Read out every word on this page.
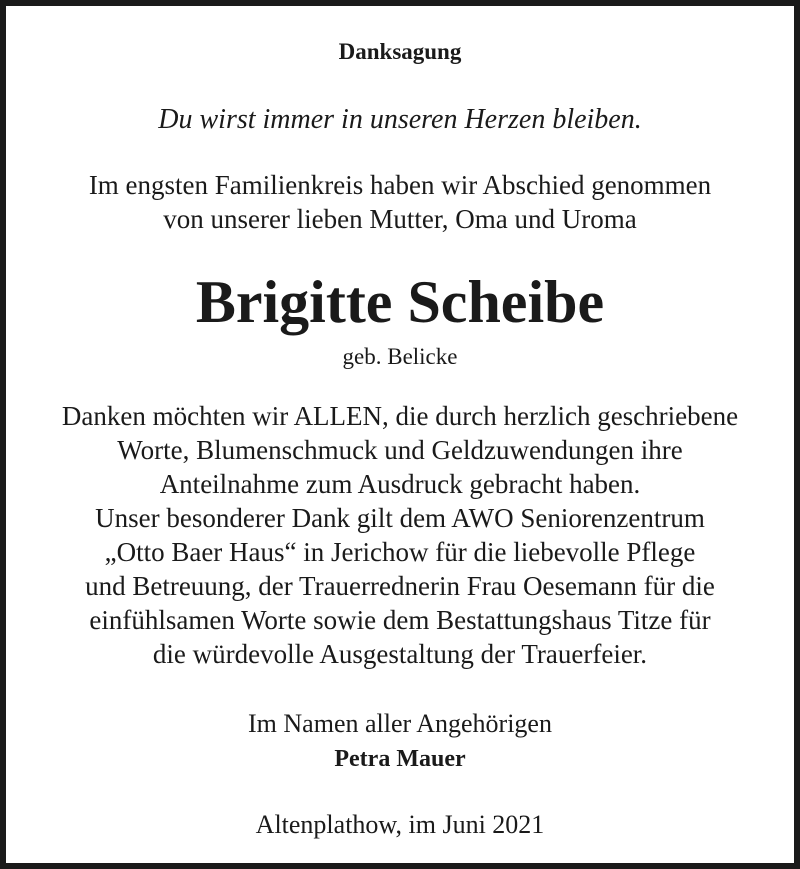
Danksagung
Du wirst immer in unseren Herzen bleiben.
Im engsten Familienkreis haben wir Abschied genommen
von unserer lieben Mutter, Oma und Uroma
Brigitte Scheibe
geb. Belicke
Danken möchten wir ALLEN, die durch herzlich geschriebene
Worte, Blumenschmuck und Geldzuwendungen ihre
Anteilnahme zum Ausdruck gebracht haben.
Unser besonderer Dank gilt dem AWO Seniorenzentrum
„Otto Baer Haus“ in Jerichow für die liebevolle Pflege
und Betreuung, der Trauerrednerin Frau Oesemann für die
einfühlsamen Worte sowie dem Bestattungshaus Titze für
die würdevolle Ausgestaltung der Trauerfeier.
Im Namen aller Angehörigen
Petra Mauer
Altenplathow, im Juni 2021
